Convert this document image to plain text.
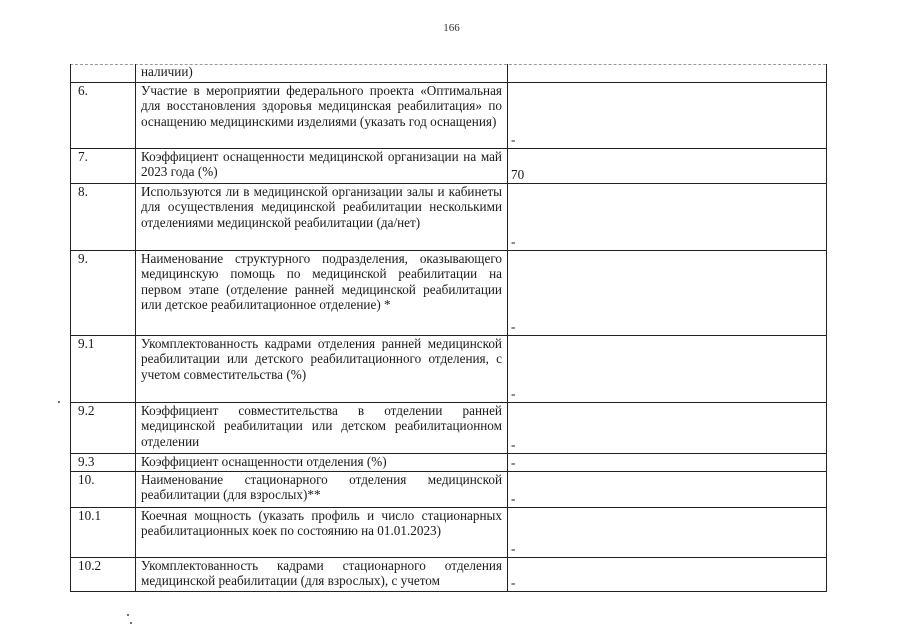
166
	наличии)	
6.	Участие в мероприятии федерального проекта «Оптимальная для восстановления здоровья медицинская реабилитация» по оснащению медицинскими изделиями (указать год оснащения)	-
7.	Коэффициент оснащенности медицинской организации на май 2023 года (%)	70
8.	Используются ли в медицинской организации залы и кабинеты для осуществления медицинской реабилитации несколькими отделениями медицинской реабилитации (да/нет)	-
9.	Наименование структурного подразделения, оказывающего медицинскую помощь по медицинской реабилитации на первом этапе (отделение ранней медицинской реабилитации или детское реабилитационное отделение) *	-
9.1	Укомплектованность кадрами отделения ранней медицинской реабилитации или детского реабилитационного отделения, с учетом совместительства (%)	-
9.2	Коэффициент совместительства в отделении ранней медицинской реабилитации или детском реабилитационном отделении	-
9.3	Коэффициент оснащенности отделения (%)	-
10.	Наименование стационарного отделения медицинской реабилитации (для взрослых)**	-
10.1	Коечная мощность (указать профиль и число стационарных реабилитационных коек по состоянию на 01.01.2023)	-
10.2	Укомплектованность кадрами стационарного отделения медицинской реабилитации (для взрослых), с учетом	-
